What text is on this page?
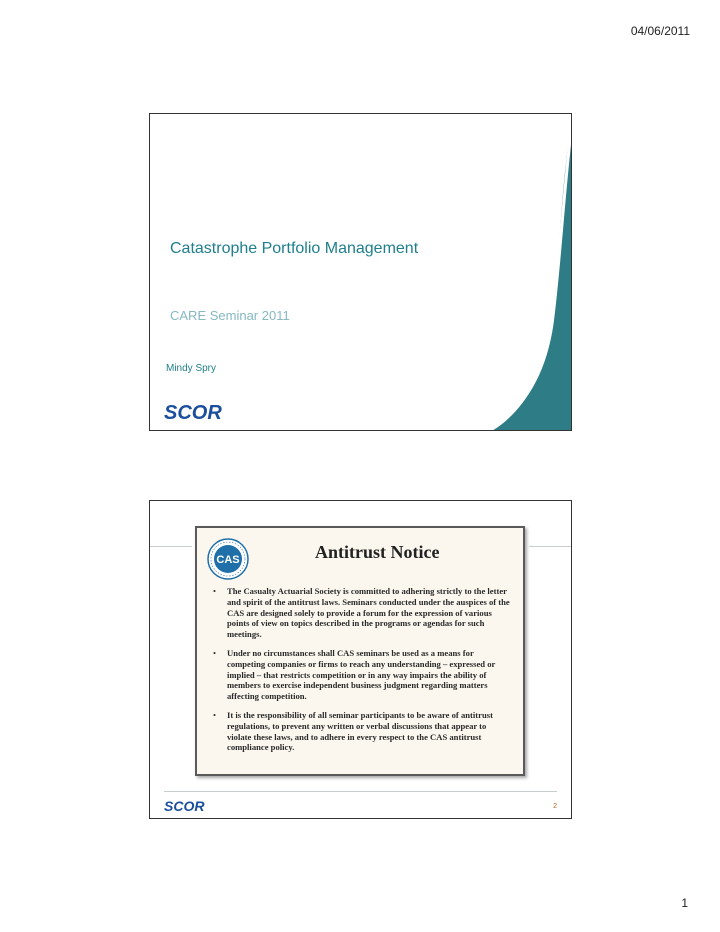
04/06/2011
Catastrophe Portfolio Management
CARE Seminar 2011
Mindy Spry
SCOR
CAS	Antitrust Notice
• The Casualty Actuarial Society is committed to adhering strictly to the letter and spirit of the antitrust laws. Seminars conducted under the auspices of the CAS are designed solely to provide a forum for the expression of various points of view on topics described in the programs or agendas for such meetings.
• Under no circumstances shall CAS seminars be used as a means for competing companies or firms to reach any understanding – expressed or implied – that restricts competition or in any way impairs the ability of members to exercise independent business judgment regarding matters affecting competition.
• It is the responsibility of all seminar participants to be aware of antitrust regulations, to prevent any written or verbal discussions that appear to violate these laws, and to adhere in every respect to the CAS antitrust compliance policy.
SCOR	2
1
